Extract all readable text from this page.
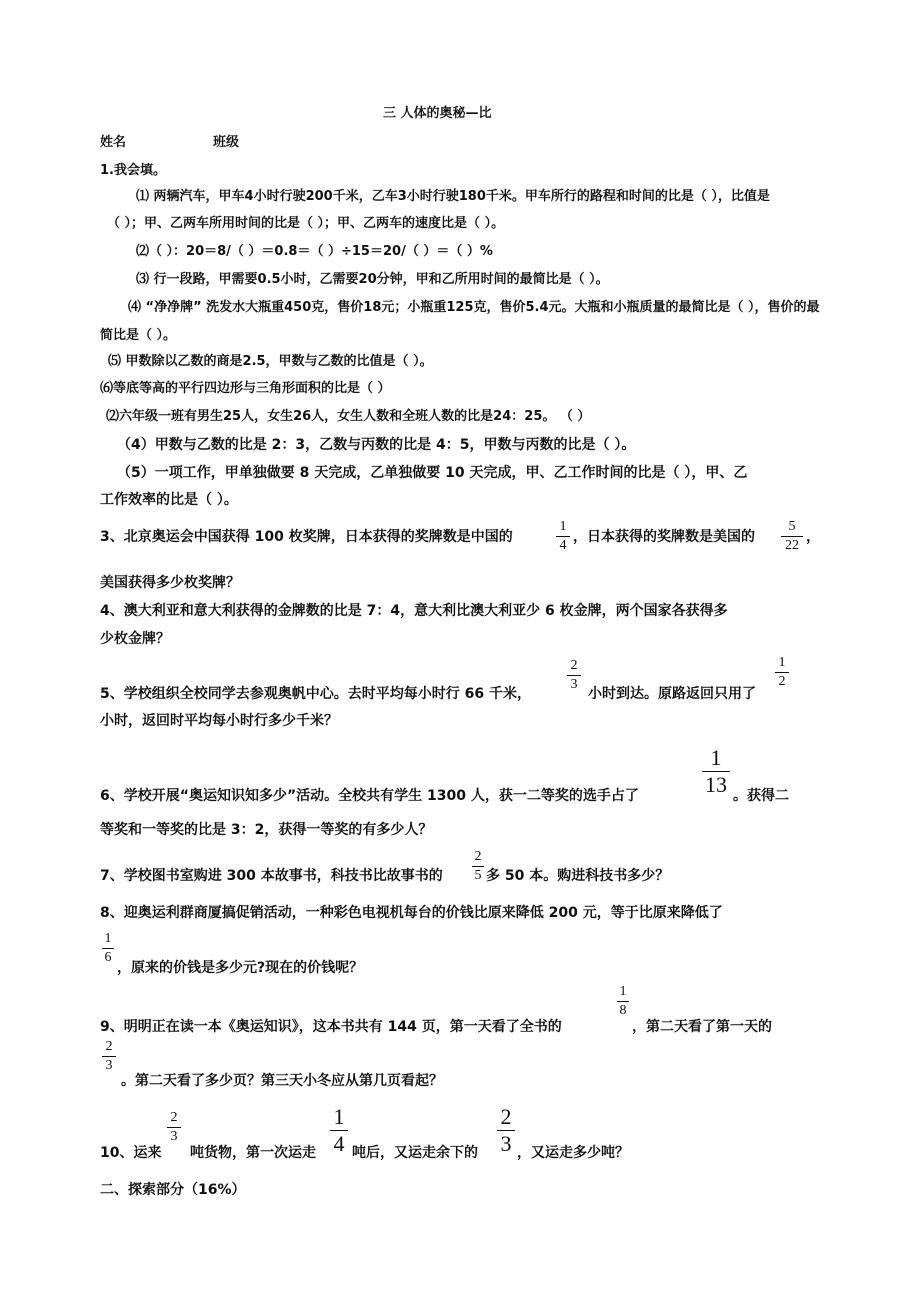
三 人体的奥秘—比
姓名	班级
1.我会填。
⑴ 两辆汽车，甲车4小时行驶200千米，乙车3小时行驶180千米。甲车所行的路程和时间的比是（ ），比值是
（ ）；甲、乙两车所用时间的比是（ ）；甲、乙两车的速度比是（ ）。
⑵（ ）：20＝8/（ ）＝0.8＝（ ）÷15＝20/（ ）＝（ ）%
⑶ 行一段路，甲需要0.5小时，乙需要20分钟，甲和乙所用时间的最简比是（ ）。
⑷ “净净牌” 洗发水大瓶重450克，售价18元；小瓶重125克，售价5.4元。大瓶和小瓶质量的最简比是（ ），售价的最
简比是（ ）。
⑸ 甲数除以乙数的商是2.5，甲数与乙数的比值是（ ）。
⑹等底等高的平行四边形与三角形面积的比是（ ）
⑵六年级一班有男生25人，女生26人，女生人数和全班人数的比是24：25。 （ ）
（4）甲数与乙数的比是 2：3，乙数与丙数的比是 4：5，甲数与丙数的比是（ ）。
（5）一项工作，甲单独做要 8 天完成，乙单独做要 10 天完成，甲、乙工作时间的比是（ ），甲、乙
工作效率的比是（ ）。
3、北京奥运会中国获得 100 枚奖牌，日本获得的奖牌数是中国的
1
4
，日本获得的奖牌数是美国的
5
22
，
美国获得多少枚奖牌？
4、澳大利亚和意大利获得的金牌数的比是 7：4，意大利比澳大利亚少 6 枚金牌，两个国家各获得多
少枚金牌？
5、学校组织全校同学去参观奥帆中心。去时平均每小时行 66 千米，
2
3
小时到达。原路返回只用了
1
2
小时，返回时平均每小时行多少千米？
6、学校开展“奥运知识知多少”活动。全校共有学生 1300 人，获一二等奖的选手占了
1
13 。获得二
等奖和一等奖的比是 3：2，获得一等奖的有多少人？
7、学校图书室购进 300 本故事书，科技书比故事书的
2
5 多 50 本。购进科技书多少？
8、迎奥运利群商厦搞促销活动，一种彩色电视机每台的价钱比原来降低 200 元，等于比原来降低了
1
6
，原来的价钱是多少元?现在的价钱呢？
9、明明正在读一本《奥运知识》，这本书共有 144 页，第一天看了全书的
1
8
，第二天看了第一天的
2
3
。第二天看了多少页？第三天小冬应从第几页看起？
10、运来
2
3
吨货物，第一次运走
1
4 吨后，又运走余下的
2
3 ，又运走多少吨？
二、探索部分（16%）
